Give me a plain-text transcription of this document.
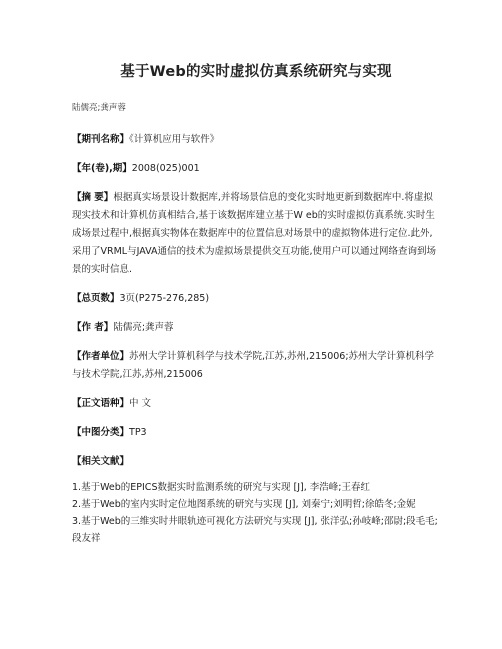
基于Web的实时虚拟仿真系统研究与实现
陆儒亮;龚声蓉
【期刊名称】《计算机应用与软件》
【年(卷),期】2008(025)001
【摘 要】根据真实场景设计数据库,并将场景信息的变化实时地更新到数据库中.将虚拟现实技术和计算机仿真相结合,基于该数据库建立基于W eb的实时虚拟仿真系统.实时生成场景过程中,根据真实物体在数据库中的位置信息对场景中的虚拟物体进行定位.此外,采用了VRML与JAVA通信的技术为虚拟场景提供交互功能,使用户可以通过网络查询到场景的实时信息.
【总页数】3页(P275-276,285)
【作 者】陆儒亮;龚声蓉
【作者单位】苏州大学计算机科学与技术学院,江苏,苏州,215006;苏州大学计算机科学与技术学院,江苏,苏州,215006
【正文语种】中 文
【中图分类】TP3
【相关文献】
1.基于Web的EPICS数据实时监测系统的研究与实现 [J], 李浩峰;王春红
2.基于Web的室内实时定位地图系统的研究与实现 [J], 刘秦宁;刘明哲;徐皓冬;金妮
3.基于Web的三维实时井眼轨迹可视化方法研究与实现 [J], 张洋弘;孙岐峰;邵尉;段毛毛;段友祥
